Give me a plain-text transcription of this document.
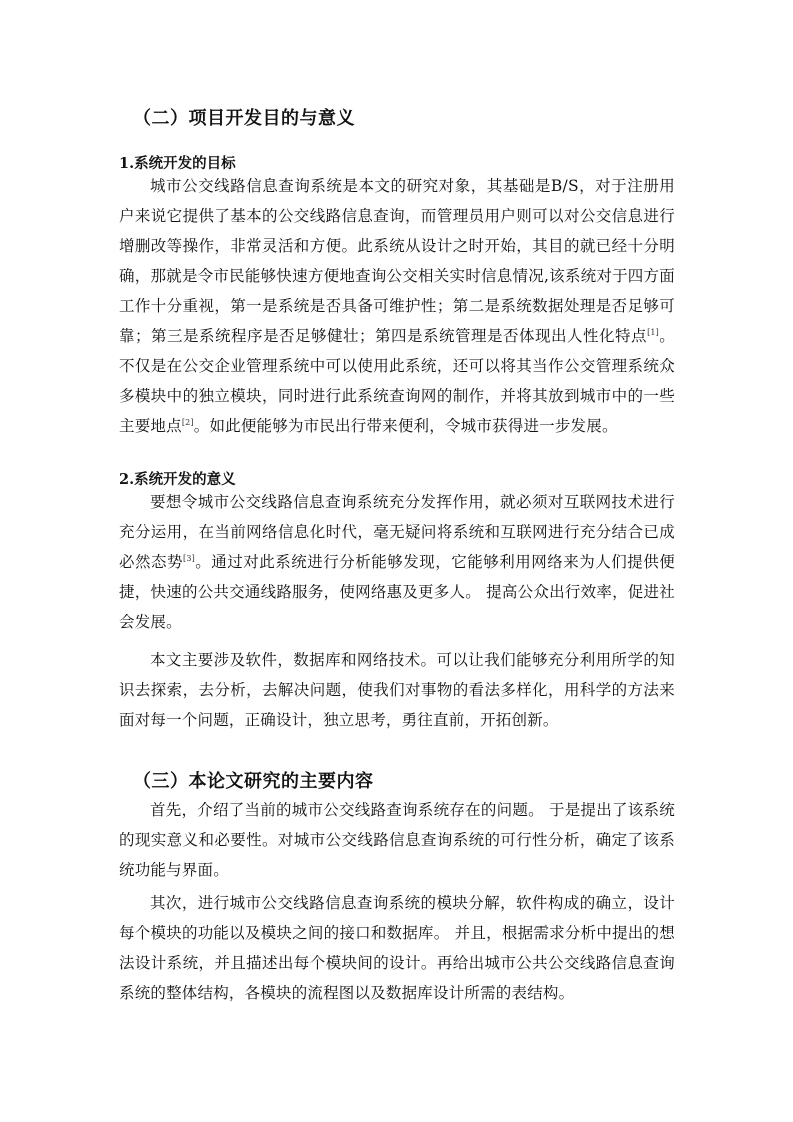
（二）项目开发目的与意义
1.系统开发的目标

城市公交线路信息查询系统是本文的研究对象，其基础是B/S，对于注册用户来说它提供了基本的公交线路信息查询，而管理员用户则可以对公交信息进行增删改等操作，非常灵活和方便。此系统从设计之时开始，其目的就已经十分明确，那就是令市民能够快速方便地查询公交相关实时信息情况,该系统对于四方面工作十分重视，第一是系统是否具备可维护性；第二是系统数据处理是否足够可靠；第三是系统程序是否足够健壮；第四是系统管理是否体现出人性化特点[1]。不仅是在公交企业管理系统中可以使用此系统，还可以将其当作公交管理系统众多模块中的独立模块，同时进行此系统查询网的制作，并将其放到城市中的一些主要地点[2]。如此便能够为市民出行带来便利，令城市获得进一步发展。

2.系统开发的意义

要想令城市公交线路信息查询系统充分发挥作用，就必须对互联网技术进行充分运用，在当前网络信息化时代，毫无疑问将系统和互联网进行充分结合已成必然态势[3]。通过对此系统进行分析能够发现，它能够利用网络来为人们提供便捷，快速的公共交通线路服务，使网络惠及更多人。 提高公众出行效率，促进社会发展。

本文主要涉及软件，数据库和网络技术。可以让我们能够充分利用所学的知识去探索，去分析，去解决问题，使我们对事物的看法多样化，用科学的方法来面对每一个问题，正确设计，独立思考，勇往直前，开拓创新。

（三）本论文研究的主要内容

首先，介绍了当前的城市公交线路查询系统存在的问题。 于是提出了该系统的现实意义和必要性。对城市公交线路信息查询系统的可行性分析，确定了该系统功能与界面。

其次，进行城市公交线路信息查询系统的模块分解，软件构成的确立，设计每个模块的功能以及模块之间的接口和数据库。 并且，根据需求分析中提出的想法设计系统，并且描述出每个模块间的设计。再给出城市公共公交线路信息查询系统的整体结构，各模块的流程图以及数据库设计所需的表结构。
